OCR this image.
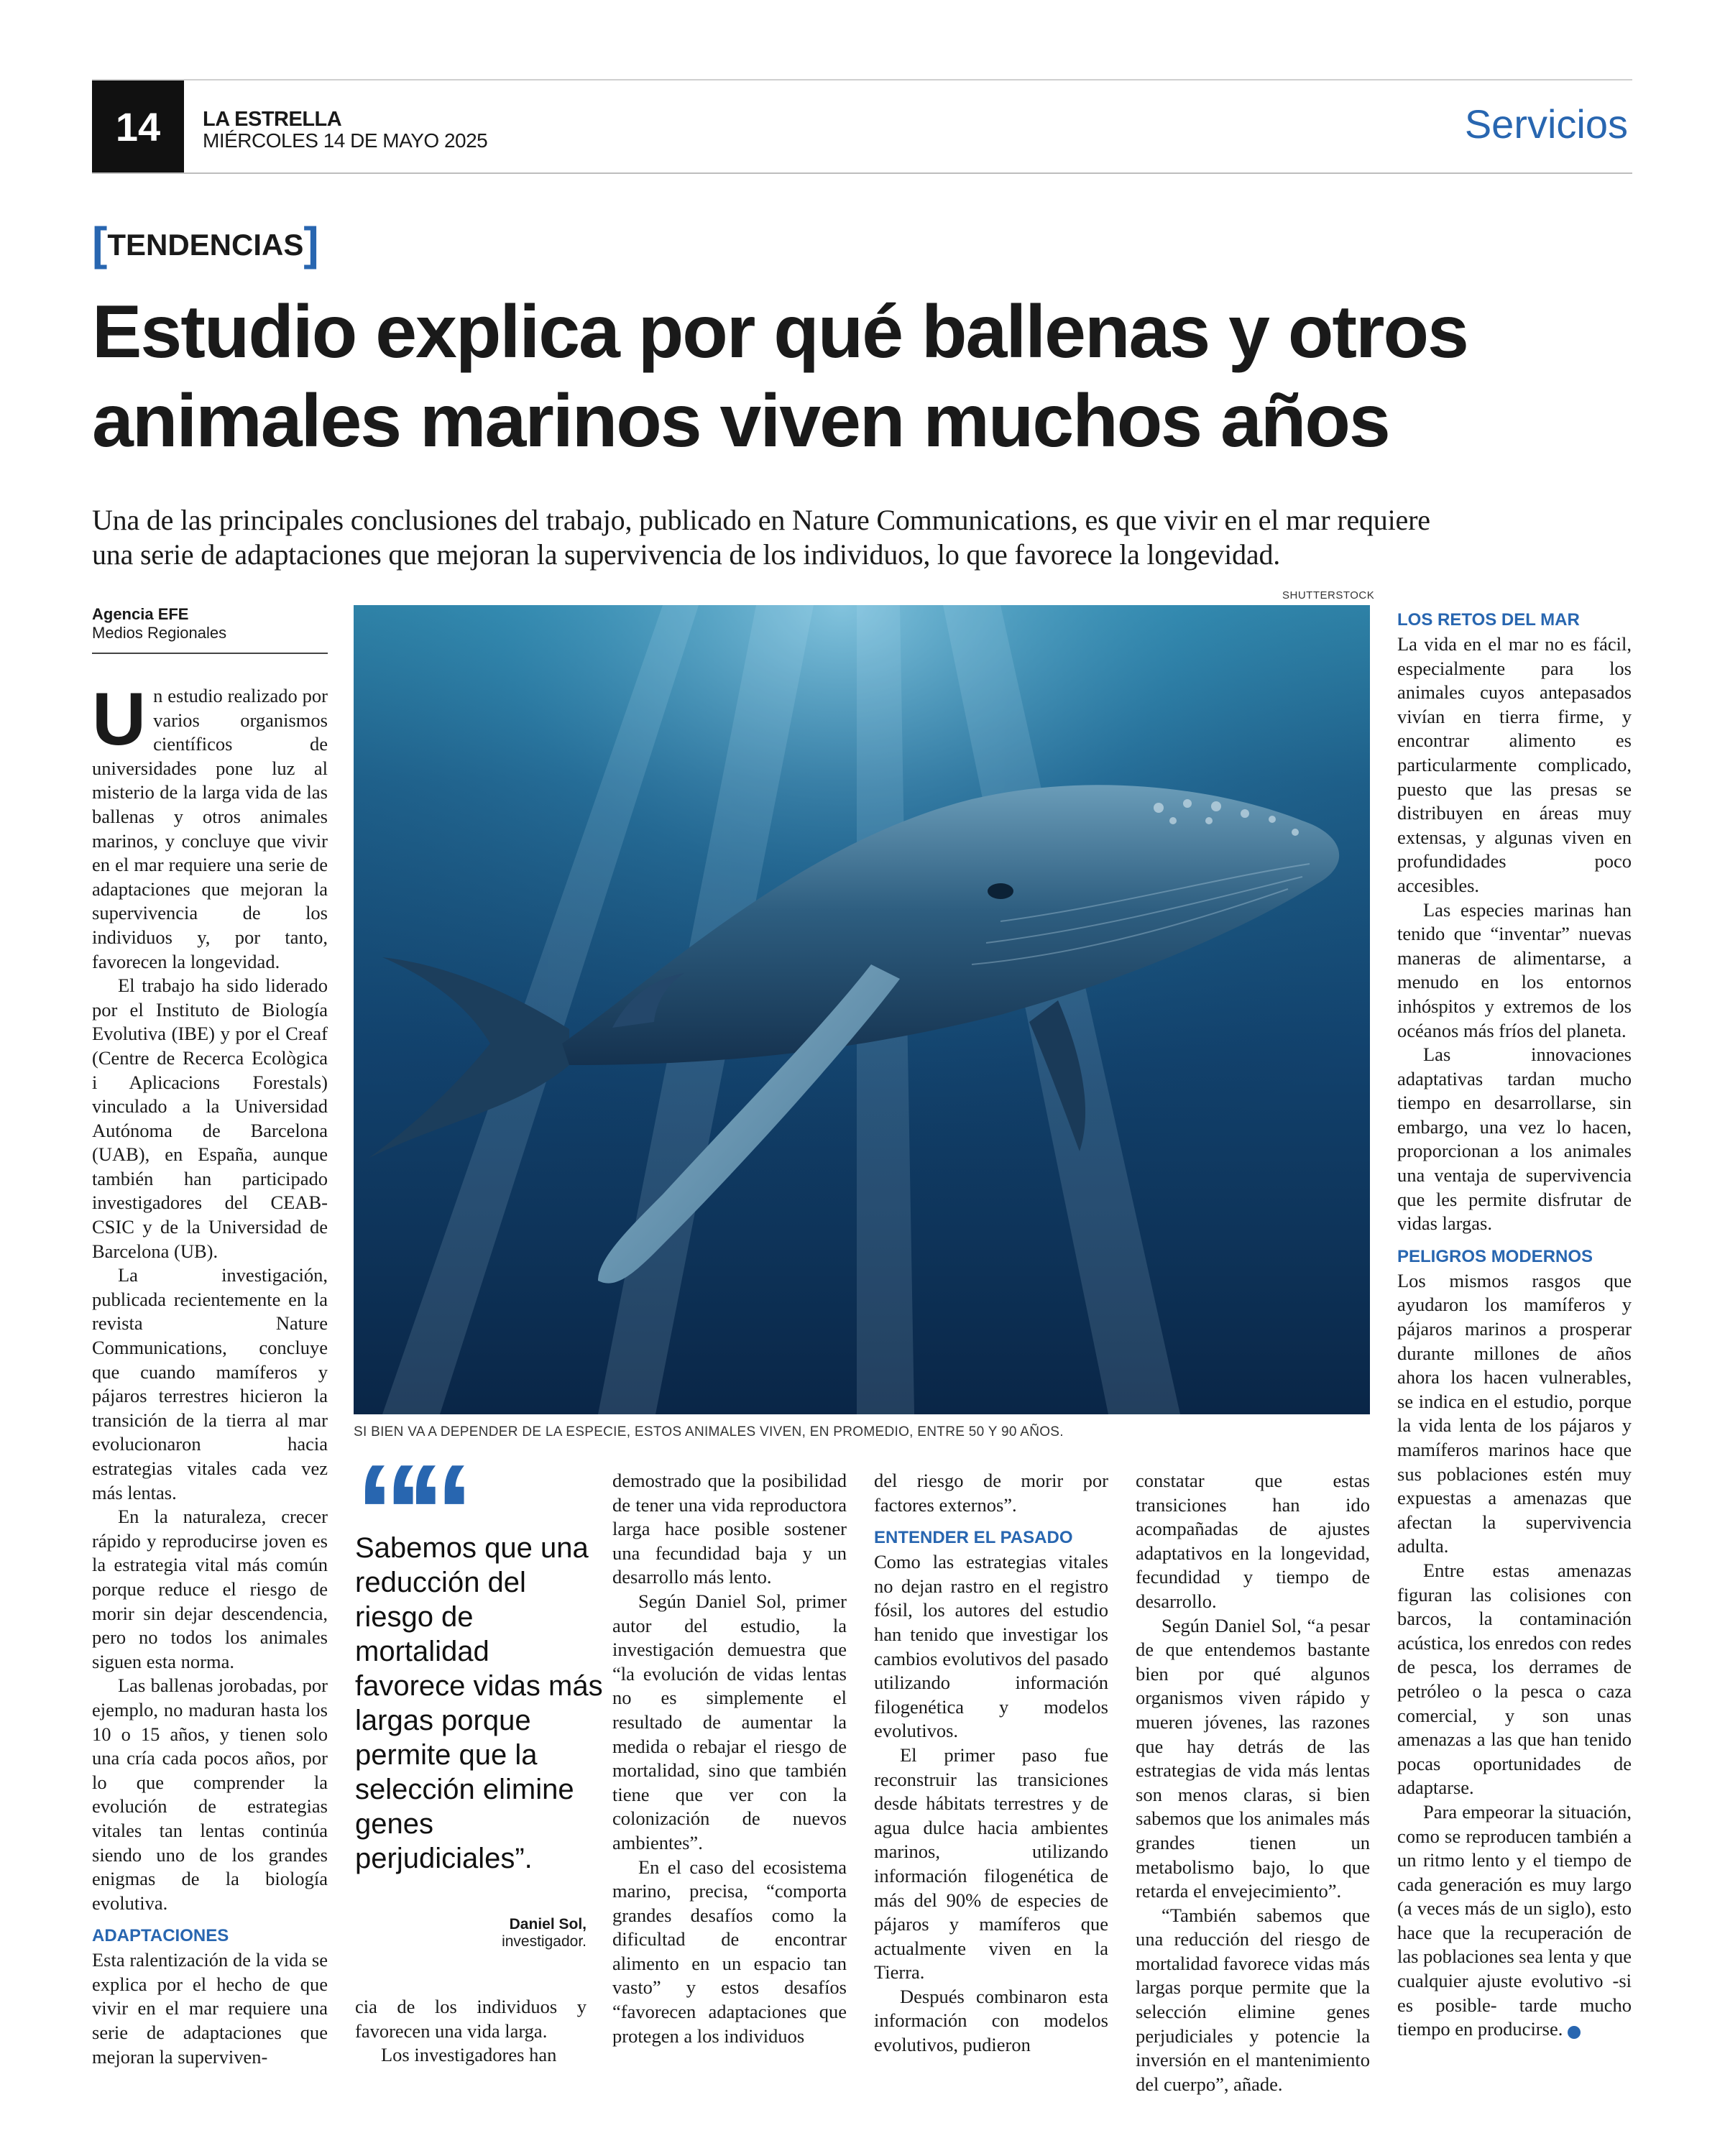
14	LA ESTRELLA
MIÉRCOLES 14 DE MAYO 2025	Servicios
[TENDENCIAS]
Estudio explica por qué ballenas y otros
animales marinos viven muchos años

Una de las principales conclusiones del trabajo, publicado en Nature Communications, es que vivir en el mar requiere
una serie de adaptaciones que mejoran la supervivencia de los individuos, lo que favorece la longevidad.

Agencia EFE
Medios Regionales
SHUTTERSTOCK
SI BIEN VA A DEPENDER DE LA ESPECIE, ESTOS ANIMALES VIVEN, EN PROMEDIO, ENTRE 50 Y 90 AÑOS.

Un estudio realizado por varios organismos científicos de universidades pone luz al misterio de la larga vida de las ballenas y otros animales marinos, y concluye que vivir en el mar requiere una serie de adaptaciones que mejoran la supervivencia de los individuos y, por tanto, favorecen la longevidad.

El trabajo ha sido liderado por el Instituto de Biología Evolutiva (IBE) y por el Creaf (Centre de Recerca Ecològica i Aplicacions Forestals) vinculado a la Universidad Autónoma de Barcelona (UAB), en España, aunque también han participado investigadores del CEAB-CSIC y de la Universidad de Barcelona (UB).

La investigación, publicada recientemente en la revista Nature Communications, concluye que cuando mamíferos y pájaros terrestres hicieron la transición de la tierra al mar evolucionaron hacia estrategias vitales cada vez más lentas.

En la naturaleza, crecer rápido y reproducirse joven es la estrategia vital más común porque reduce el riesgo de morir sin dejar descendencia, pero no todos los animales siguen esta norma.

Las ballenas jorobadas, por ejemplo, no maduran hasta los 10 o 15 años, y tienen solo una cría cada pocos años, por lo que comprender la evolución de estrategias vitales tan lentas continúa siendo uno de los grandes enigmas de la biología evolutiva.

ADAPTACIONES

Esta ralentización de la vida se explica por el hecho de que vivir en el mar requiere una serie de adaptaciones que mejoran la superviven-

““

Sabemos que una reducción del riesgo de mortalidad favorece vidas más largas porque permite que la selección elimine genes perjudiciales”.

Daniel Sol,
investigador.

cia de los individuos y favorecen una vida larga.

Los investigadores han

demostrado que la posibilidad de tener una vida reproductora larga hace posible sostener una fecundidad baja y un desarrollo más lento.

Según Daniel Sol, primer autor del estudio, la investigación demuestra que “la evolución de vidas lentas no es simplemente el resultado de aumentar la medida o rebajar el riesgo de mortalidad, sino que también tiene que ver con la colonización de nuevos ambientes”.

En el caso del ecosistema marino, precisa, “comporta grandes desafíos como la dificultad de encontrar alimento en un espacio tan vasto” y estos desafíos “favorecen adaptaciones que protegen a los individuos

del riesgo de morir por factores externos”.

ENTENDER EL PASADO

Como las estrategias vitales no dejan rastro en el registro fósil, los autores del estudio han tenido que investigar los cambios evolutivos del pasado utilizando información filogenética y modelos evolutivos.

El primer paso fue reconstruir las transiciones desde hábitats terrestres y de agua dulce hacia ambientes marinos, utilizando información filogenética de más del 90% de especies de pájaros y mamíferos que actualmente viven en la Tierra.

Después combinaron esta información con modelos evolutivos, pudieron

constatar que estas transiciones han ido acompañadas de ajustes adaptativos en la longevidad, fecundidad y tiempo de desarrollo.

Según Daniel Sol, “a pesar de que entendemos bastante bien por qué algunos organismos viven rápido y mueren jóvenes, las razones que hay detrás de las estrategias de vida más lentas son menos claras, si bien sabemos que los animales más grandes tienen un metabolismo bajo, lo que retarda el envejecimiento”.

“También sabemos que una reducción del riesgo de mortalidad favorece vidas más largas porque permite que la selección elimine genes perjudiciales y potencie la inversión en el mantenimiento del cuerpo”, añade.

LOS RETOS DEL MAR

La vida en el mar no es fácil, especialmente para los animales cuyos antepasados vivían en tierra firme, y encontrar alimento es particularmente complicado, puesto que las presas se distribuyen en áreas muy extensas, y algunas viven en profundidades poco accesibles.

Las especies marinas han tenido que “inventar” nuevas maneras de alimentarse, a menudo en los entornos inhóspitos y extremos de los océanos más fríos del planeta.

Las innovaciones adaptativas tardan mucho tiempo en desarrollarse, sin embargo, una vez lo hacen, proporcionan a los animales una ventaja de supervivencia que les permite disfrutar de vidas largas.

PELIGROS MODERNOS

Los mismos rasgos que ayudaron los mamíferos y pájaros marinos a prosperar durante millones de años ahora los hacen vulnerables, se indica en el estudio, porque la vida lenta de los pájaros y mamíferos marinos hace que sus poblaciones estén muy expuestas a amenazas que afectan la supervivencia adulta.

Entre estas amenazas figuran las colisiones con barcos, la contaminación acústica, los enredos con redes de pesca, los derrames de petróleo o la pesca o caza comercial, y son unas amenazas a las que han tenido pocas oportunidades de adaptarse.

Para empeorar la situación, como se reproducen también a un ritmo lento y el tiempo de cada generación es muy largo (a veces más de un siglo), esto hace que la recuperación de las poblaciones sea lenta y que cualquier ajuste evolutivo -si es posible- tarde mucho tiempo en producirse.	✪
